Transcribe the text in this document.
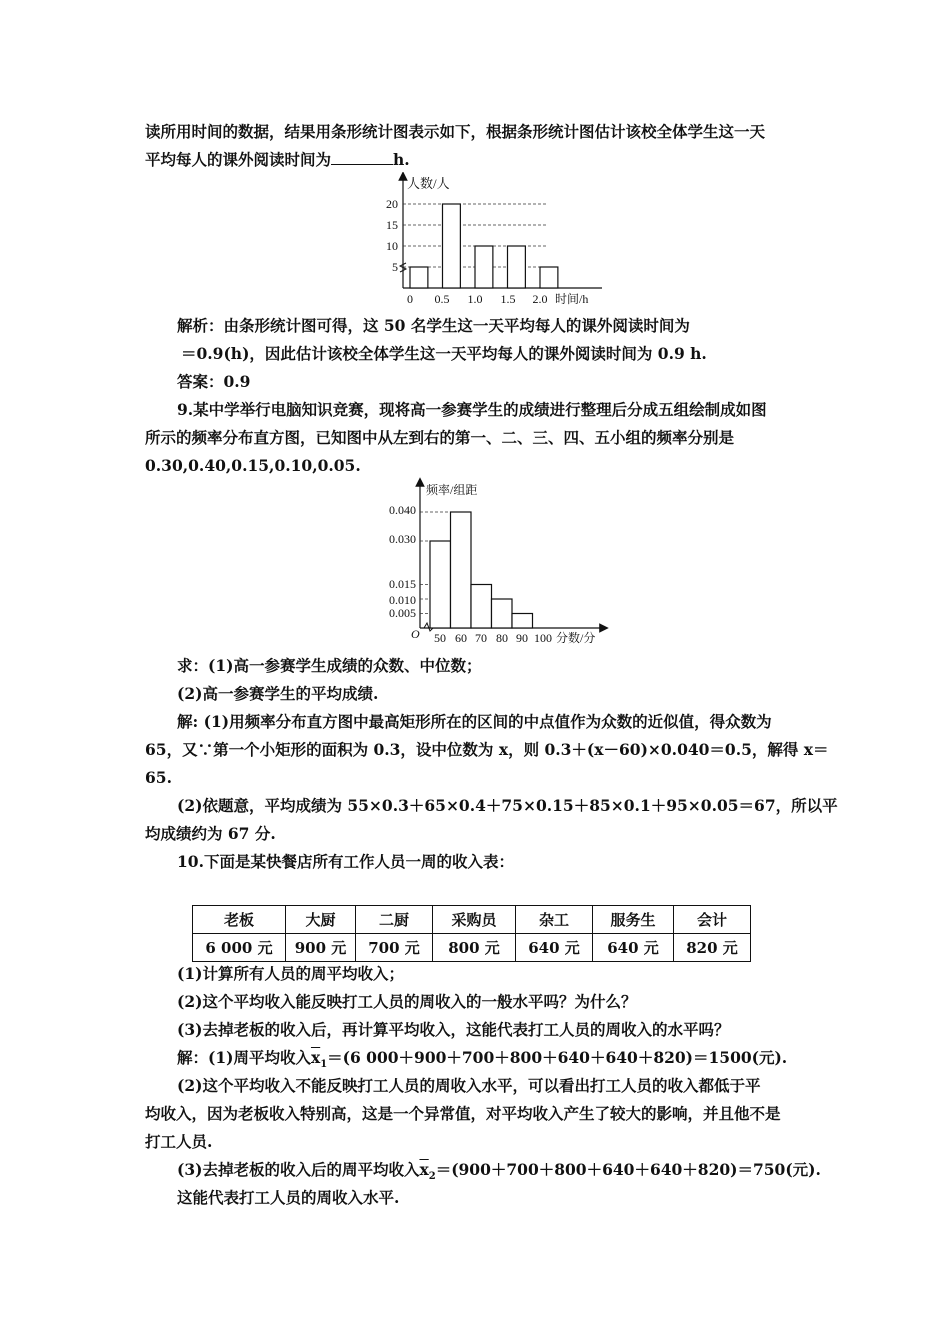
读所用时间的数据，结果用条形统计图表示如下，根据条形统计图估计该校全体学生这一天
平均每人的课外阅读时间为	h.
人数/人
5
10
15
20
0 0.5 1.0 1.5 2.0 时间/h
解析：由条形统计图可得，这 50 名学生这一天平均每人的课外阅读时间为
＝0.9(h)，因此估计该校全体学生这一天平均每人的课外阅读时间为 0.9 h.
答案：0.9
9.某中学举行电脑知识竞赛，现将高一参赛学生的成绩进行整理后分成五组绘制成如图
所示的频率分布直方图，已知图中从左到右的第一、二、三、四、五小组的频率分别是
0.30,0.40,0.15,0.10,0.05.
频率/组距
O
0.005
0.010
0.015
0.030
0.040
50 60 70 80 90 100 分数/分
求：(1)高一参赛学生成绩的众数、中位数；
(2)高一参赛学生的平均成绩.
解: (1)用频率分布直方图中最高矩形所在的区间的中点值作为众数的近似值，得众数为
65，又∵第一个小矩形的面积为 0.3，设中位数为 x，则 0.3＋(x－60)×0.040＝0.5，解得 x＝
65.
(2)依题意，平均成绩为 55×0.3＋65×0.4＋75×0.15＋85×0.1＋95×0.05＝67，所以平
均成绩约为 67 分.
10.下面是某快餐店所有工作人员一周的收入表：
老板	大厨	二厨	采购员	杂工	服务生	会计
6 000 元	900 元	700 元	800 元	640 元	640 元	820 元
(1)计算所有人员的周平均收入；
(2)这个平均收入能反映打工人员的周收入的一般水平吗？为什么？
(3)去掉老板的收入后，再计算平均收入，这能代表打工人员的周收入的水平吗？
解：(1)周平均收入$\overline{x}_1=(6$ 000＋900＋700＋800＋640＋640＋820)＝1500(元).
(2)这个平均收入不能反映打工人员的周收入水平，可以看出打工人员的收入都低于平
均收入，因为老板收入特别高，这是一个异常值，对平均收入产生了较大的影响，并且他不是
打工人员.
(3)去掉老板的收入后的周平均收入$\overline{x}_2=(900+700+800+640+640+820)=750$(元).
这能代表打工人员的周收入水平.
